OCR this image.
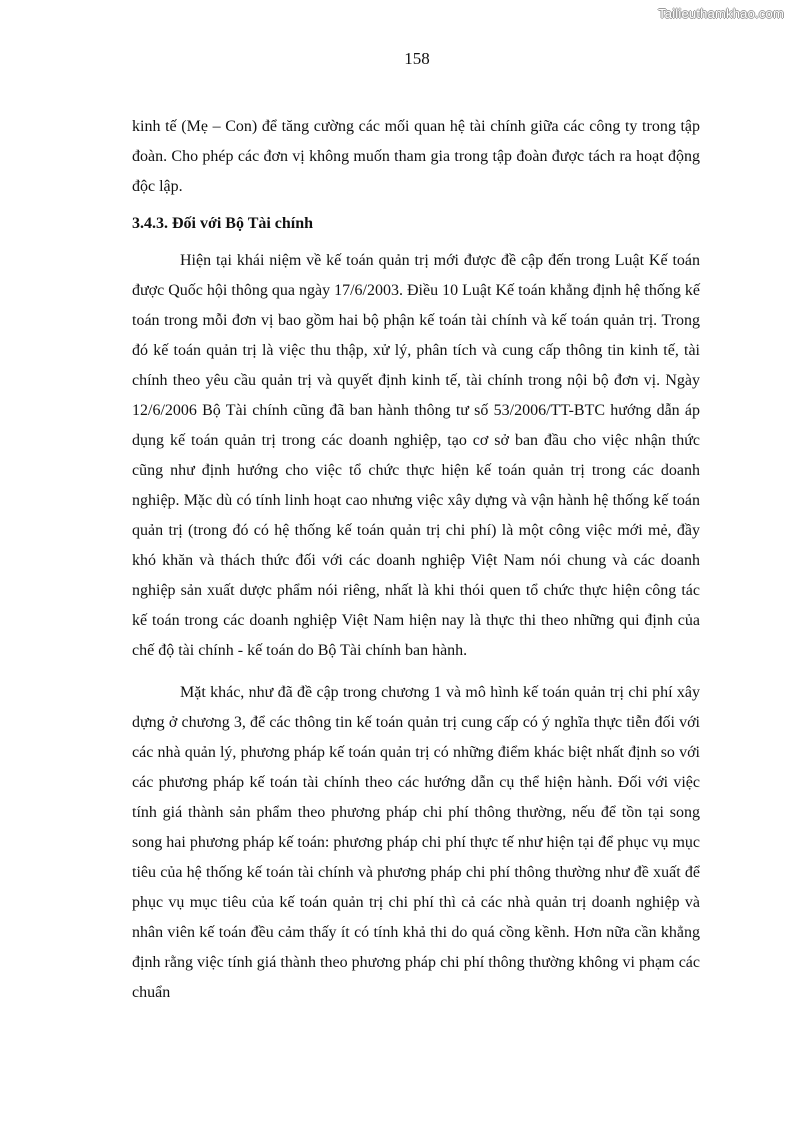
Tailieuthamkhao.com
158

kinh tế (Mẹ – Con) để tăng cường các mối quan hệ tài chính giữa các công ty trong tập đoàn. Cho phép các đơn vị không muốn tham gia trong tập đoàn được tách ra hoạt động độc lập.

3.4.3. Đối với Bộ Tài chính

Hiện tại khái niệm về kế toán quản trị mới được đề cập đến trong Luật Kế toán được Quốc hội thông qua ngày 17/6/2003. Điều 10 Luật Kế toán khẳng định hệ thống kế toán trong mỗi đơn vị bao gồm hai bộ phận kế toán tài chính và kế toán quản trị. Trong đó kế toán quản trị là việc thu thập, xử lý, phân tích và cung cấp thông tin kinh tế, tài chính theo yêu cầu quản trị và quyết định kinh tế, tài chính trong nội bộ đơn vị. Ngày 12/6/2006 Bộ Tài chính cũng đã ban hành thông tư số 53/2006/TT-BTC hướng dẫn áp dụng kế toán quản trị trong các doanh nghiệp, tạo cơ sở ban đầu cho việc nhận thức cũng như định hướng cho việc tổ chức thực hiện kế toán quản trị trong các doanh nghiệp. Mặc dù có tính linh hoạt cao nhưng việc xây dựng và vận hành hệ thống kế toán quản trị (trong đó có hệ thống kế toán quản trị chi phí) là một công việc mới mẻ, đầy khó khăn và thách thức đối với các doanh nghiệp Việt Nam nói chung và các doanh nghiệp sản xuất dược phẩm nói riêng, nhất là khi thói quen tổ chức thực hiện công tác kế toán trong các doanh nghiệp Việt Nam hiện nay là thực thi theo những qui định của chế độ tài chính - kế toán do Bộ Tài chính ban hành.

Mặt khác, như đã đề cập trong chương 1 và mô hình kế toán quản trị chi phí xây dựng ở chương 3, để các thông tin kế toán quản trị cung cấp có ý nghĩa thực tiễn đối với các nhà quản lý, phương pháp kế toán quản trị có những điểm khác biệt nhất định so với các phương pháp kế toán tài chính theo các hướng dẫn cụ thể hiện hành. Đối với việc tính giá thành sản phẩm theo phương pháp chi phí thông thường, nếu để tồn tại song song hai phương pháp kế toán: phương pháp chi phí thực tế như hiện tại để phục vụ mục tiêu của hệ thống kế toán tài chính và phương pháp chi phí thông thường như đề xuất để phục vụ mục tiêu của kế toán quản trị chi phí thì cả các nhà quản trị doanh nghiệp và nhân viên kế toán đều cảm thấy ít có tính khả thi do quá cồng kềnh. Hơn nữa cần khẳng định rằng việc tính giá thành theo phương pháp chi phí thông thường không vi phạm các chuẩn
